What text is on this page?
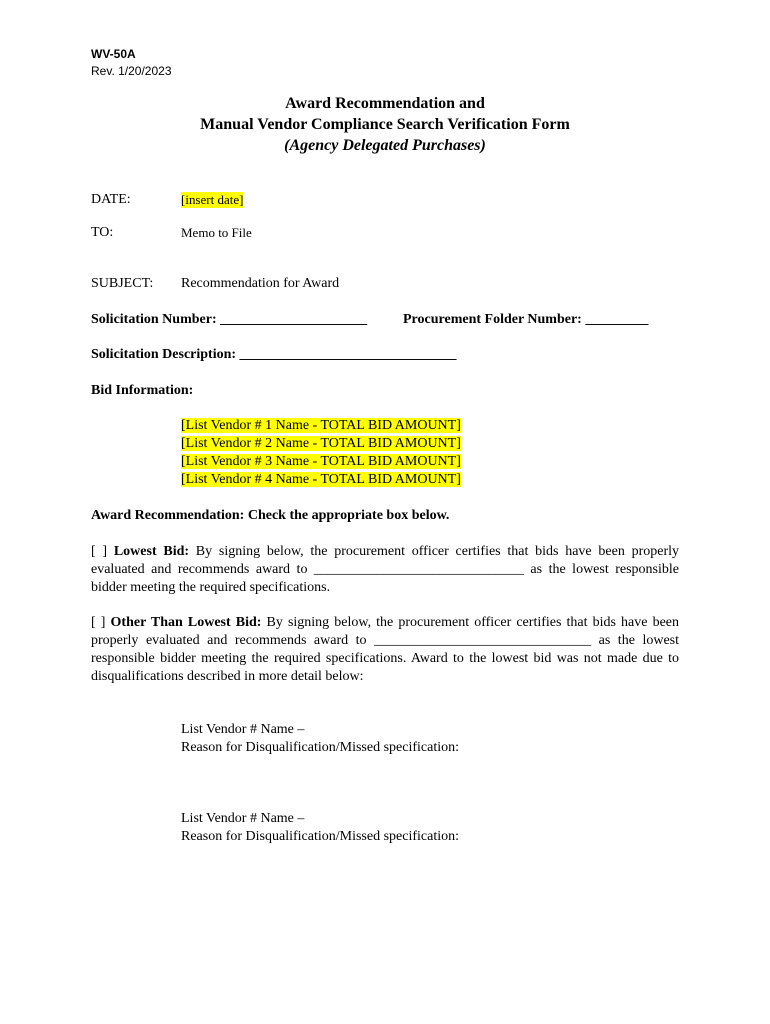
WV-50A
Rev. 1/20/2023
Award Recommendation and
Manual Vendor Compliance Search Verification Form
(Agency Delegated Purchases)
DATE:	[insert date]
TO:	Memo to File
SUBJECT: Recommendation for Award
Solicitation Number: _____________________	Procurement Folder Number: _________
Solicitation Description: _______________________________
Bid Information:
[List Vendor # 1 Name - TOTAL BID AMOUNT]
[List Vendor # 2 Name - TOTAL BID AMOUNT]
[List Vendor # 3 Name - TOTAL BID AMOUNT]
[List Vendor # 4 Name - TOTAL BID AMOUNT]
Award Recommendation: Check the appropriate box below.
[ ] Lowest Bid: By signing below, the procurement officer certifies that bids have been properly evaluated and recommends award to ______________________________ as the lowest responsible bidder meeting the required specifications.
[ ] Other Than Lowest Bid: By signing below, the procurement officer certifies that bids have been properly evaluated and recommends award to _______________________________ as the lowest responsible bidder meeting the required specifications. Award to the lowest bid was not made due to disqualifications described in more detail below:
List Vendor # Name –
Reason for Disqualification/Missed specification:
List Vendor # Name –
Reason for Disqualification/Missed specification:
